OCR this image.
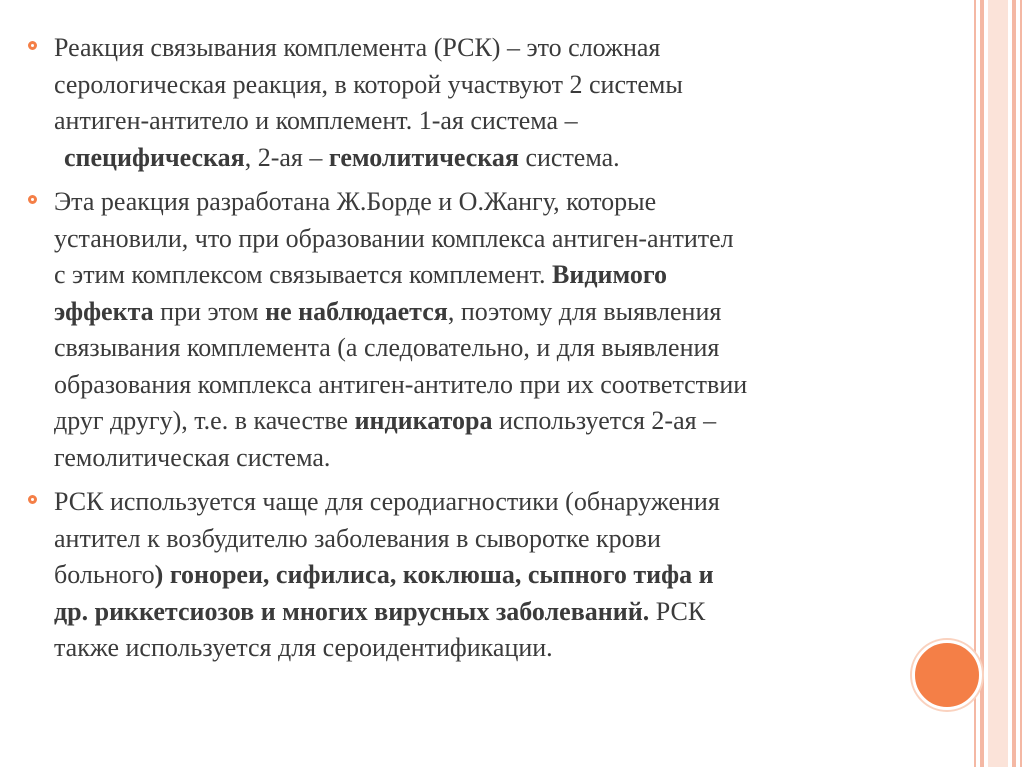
Реакция связывания комплемента (РСК) – это сложная
серологическая реакция, в которой участвуют 2 системы
антиген-антитело и комплемент. 1-ая система –
специфическая, 2-ая – гемолитическая система.
Эта реакция разработана Ж.Борде и О.Жангу, которые
установили, что при образовании комплекса антиген-антител
с этим комплексом связывается комплемент. Видимого
эффекта при этом не наблюдается, поэтому для выявления
связывания комплемента (а следовательно, и для выявления
образования комплекса антиген-антитело при их соответствии
друг другу), т.е. в качестве индикатора используется 2-ая –
гемолитическая система.
РСК используется чаще для серодиагностики (обнаружения
антител к возбудителю заболевания в сыворотке крови
больного) гонореи, сифилиса, коклюша, сыпного тифа и
др. риккетсиозов и многих вирусных заболеваний. РСК
также используется для сероидентификации.
